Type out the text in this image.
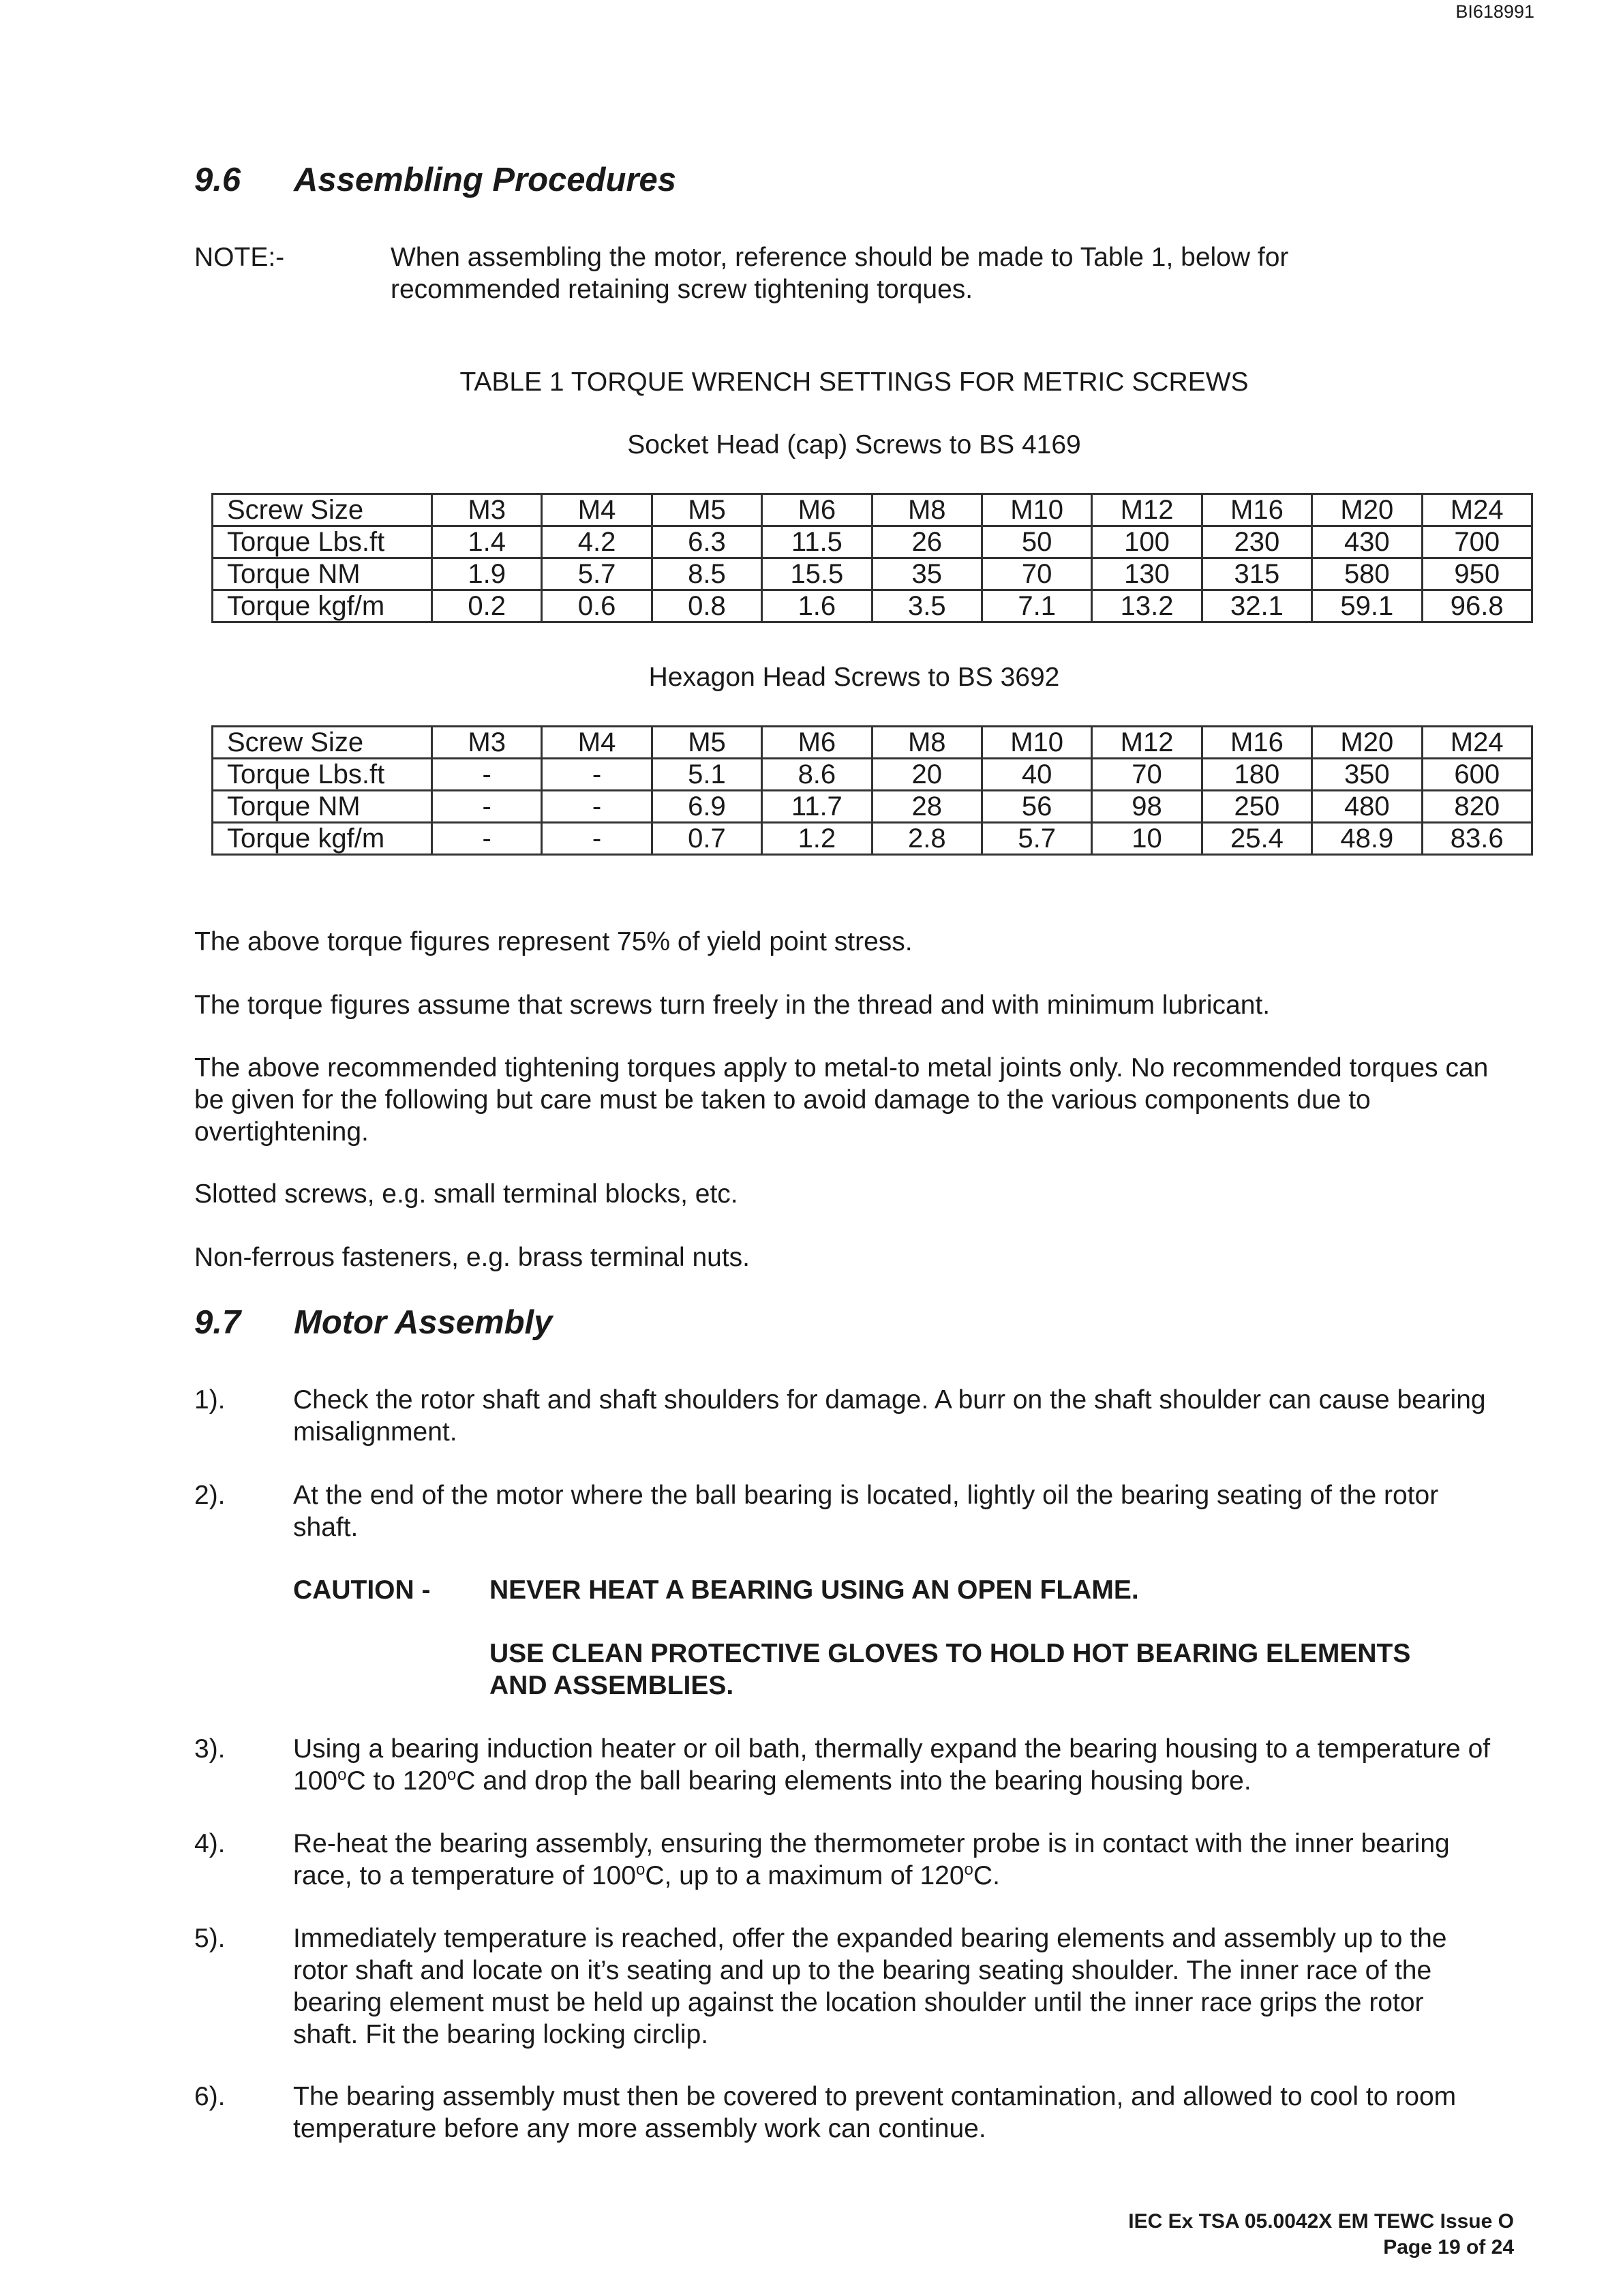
BI618991
9.6 Assembling Procedures
NOTE:-	When assembling the motor, reference should be made to Table 1, below for recommended retaining screw tightening torques.
TABLE 1 TORQUE WRENCH SETTINGS FOR METRIC SCREWS
Socket Head (cap) Screws to BS 4169
Screw Size	M3	M4	M5	M6	M8	M10	M12	M16	M20	M24
Torque Lbs.ft	1.4	4.2	6.3	11.5	26	50	100	230	430	700
Torque NM	1.9	5.7	8.5	15.5	35	70	130	315	580	950
Torque kgf/m	0.2	0.6	0.8	1.6	3.5	7.1	13.2	32.1	59.1	96.8
Hexagon Head Screws to BS 3692
Screw Size	M3	M4	M5	M6	M8	M10	M12	M16	M20	M24
Torque Lbs.ft	-	-	5.1	8.6	20	40	70	180	350	600
Torque NM	-	-	6.9	11.7	28	56	98	250	480	820
Torque kgf/m	-	-	0.7	1.2	2.8	5.7	10	25.4	48.9	83.6
The above torque figures represent 75% of yield point stress.
The torque figures assume that screws turn freely in the thread and with minimum lubricant.
The above recommended tightening torques apply to metal-to metal joints only. No recommended torques can be given for the following but care must be taken to avoid damage to the various components due to overtightening.
Slotted screws, e.g. small terminal blocks, etc.
Non-ferrous fasteners, e.g. brass terminal nuts.
9.7 Motor Assembly
1).	Check the rotor shaft and shaft shoulders for damage. A burr on the shaft shoulder can cause bearing misalignment.
2).	At the end of the motor where the ball bearing is located, lightly oil the bearing seating of the rotor shaft.
CAUTION - NEVER HEAT A BEARING USING AN OPEN FLAME.
USE CLEAN PROTECTIVE GLOVES TO HOLD HOT BEARING ELEMENTS AND ASSEMBLIES.
3).	Using a bearing induction heater or oil bath, thermally expand the bearing housing to a temperature of 100$^o$C to 120$^o$C and drop the ball bearing elements into the bearing housing bore.
4).	Re-heat the bearing assembly, ensuring the thermometer probe is in contact with the inner bearing race, to a temperature of 100$^o$C, up to a maximum of 120$^o$C.
5).	Immediately temperature is reached, offer the expanded bearing elements and assembly up to the rotor shaft and locate on it’s seating and up to the bearing seating shoulder. The inner race of the bearing element must be held up against the location shoulder until the inner race grips the rotor shaft. Fit the bearing locking circlip.
6).	The bearing assembly must then be covered to prevent contamination, and allowed to cool to room temperature before any more assembly work can continue.
IEC Ex TSA 05.0042X EM TEWC Issue O
Page 19 of 24
